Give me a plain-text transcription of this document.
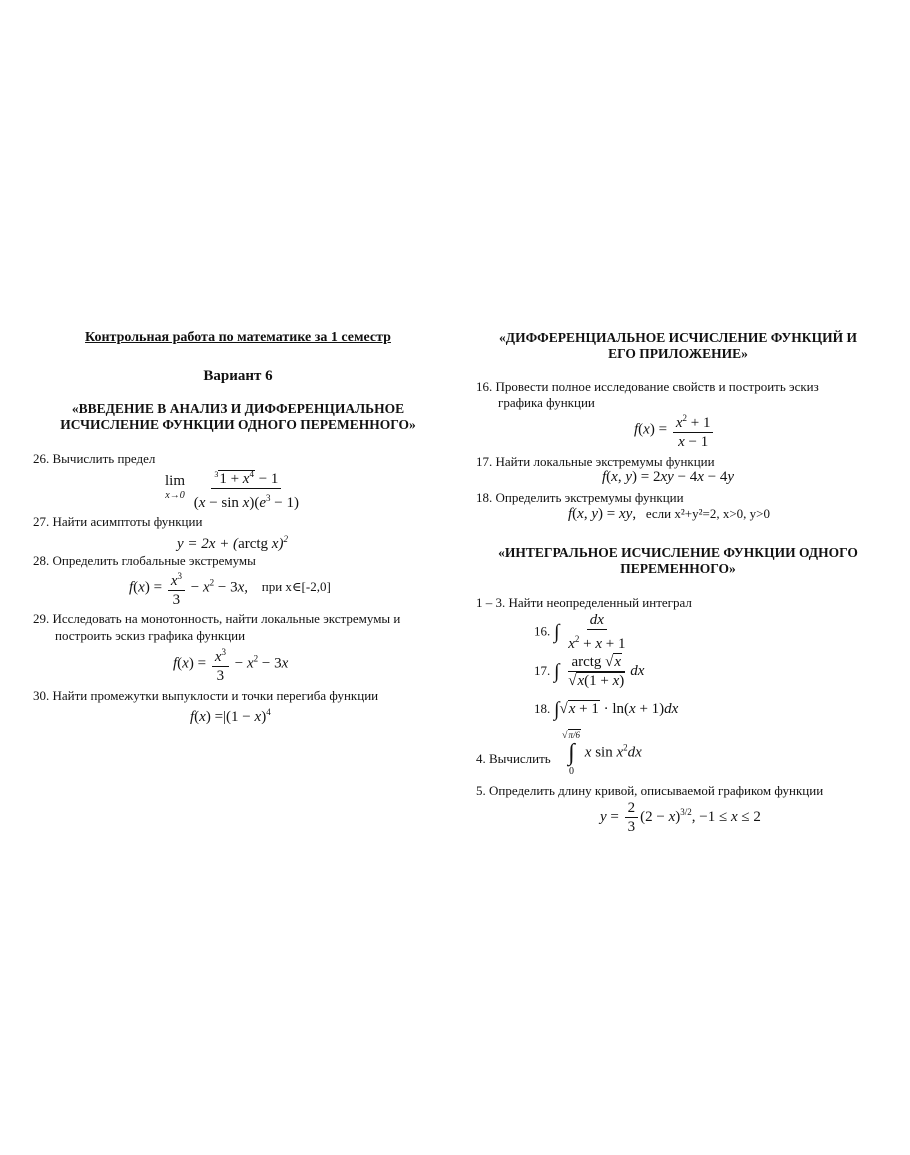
Контрольная работа по математике за 1 семестр
Вариант 6
«ВВЕДЕНИЕ В АНАЛИЗ И ДИФФЕРЕНЦИАЛЬНОЕ
ИСЧИСЛЕНИЕ ФУНКЦИИ ОДНОГО ПЕРЕМЕННОГО»
26. Вычислить предел
lim
$x\to 0 \frac{^31 + x^4 - 1}{(x - \sin x)(e^3 - 1)}$
27. Найти асимптоты функции
y = 2x + (arctg x)$^2$
28. Определить глобальные экстремумы
$f(x) = \frac{x^3}{3} - x^2 - 3x$, при x∈[-2,0]
29. Исследовать на монотонность, найти локальные экстремумы и
построить эскиз графика функции
$f(x) = \frac{x^3}{3} - x^2 - 3x$
30. Найти промежутки выпуклости и точки перегиба функции
$f(x) =|(1 - x)^4$
«ДИФФЕРЕНЦИАЛЬНОЕ ИСЧИСЛЕНИЕ ФУНКЦИЙ И
ЕГО ПРИЛОЖЕНИЕ»
16. Провести полное исследование свойств и построить эскиз
графика функции
$f(x) = \frac{x^2 + 1}{x - 1}$
17. Найти локальные экстремумы функции
f(x, y) = 2xy − 4x − 4y
18. Определить экстремумы функции
f(x, y) = xy, если x²+y²=2, x>0, y>0
«ИНТЕГРАЛЬНОЕ ИСЧИСЛЕНИЕ ФУНКЦИИ ОДНОГО
ПЕРЕМЕННОГО»
1 – 3. Найти неопределенный интеграл
16. ∫ $\frac{dx}{x^2 + x + 1}$
17. ∫ $\frac{\text{arctg √x}}{√x(1 + x)}$ dx
18. ∫√x + 1 · ln(x + 1)dx
4. Вычислить
√π/6
∫
0 x $\sin x^2dx$
5. Определить длину кривой, описываемой графиком функции
$y = \frac{2}{3} (2 - x)^{3/2}$, −1 ≤ x ≤ 2
